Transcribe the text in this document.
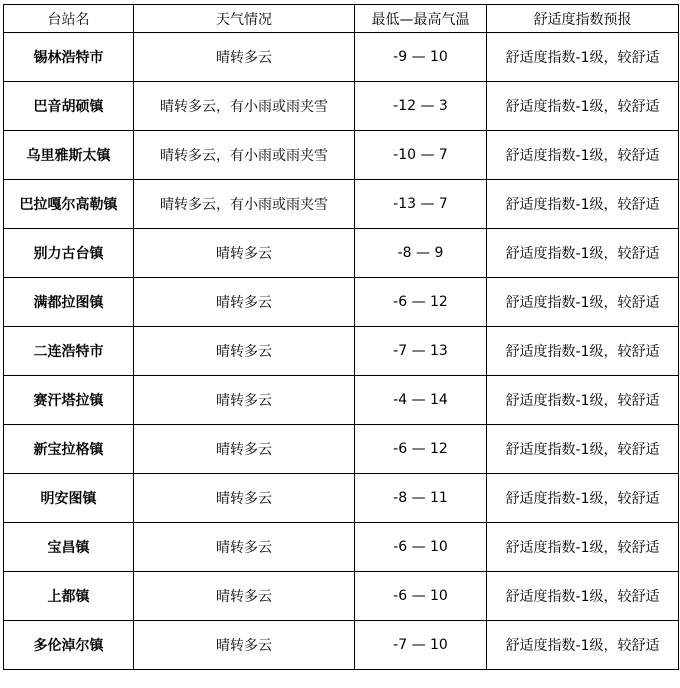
台站名	天气情况	最低—最高气温	舒适度指数预报
锡林浩特市	晴转多云	-9 — 10	舒适度指数-1级，较舒适
巴音胡硕镇	晴转多云，有小雨或雨夹雪	-12 — 3	舒适度指数-1级，较舒适
乌里雅斯太镇	晴转多云，有小雨或雨夹雪	-10 — 7	舒适度指数-1级，较舒适
巴拉嘎尔高勒镇	晴转多云，有小雨或雨夹雪	-13 — 7	舒适度指数-1级，较舒适
别力古台镇	晴转多云	-8 — 9	舒适度指数-1级，较舒适
满都拉图镇	晴转多云	-6 — 12	舒适度指数-1级，较舒适
二连浩特市	晴转多云	-7 — 13	舒适度指数-1级，较舒适
赛汗塔拉镇	晴转多云	-4 — 14	舒适度指数-1级，较舒适
新宝拉格镇	晴转多云	-6 — 12	舒适度指数-1级，较舒适
明安图镇	晴转多云	-8 — 11	舒适度指数-1级，较舒适
宝昌镇	晴转多云	-6 — 10	舒适度指数-1级，较舒适
上都镇	晴转多云	-6 — 10	舒适度指数-1级，较舒适
多伦淖尔镇	晴转多云	-7 — 10	舒适度指数-1级，较舒适
